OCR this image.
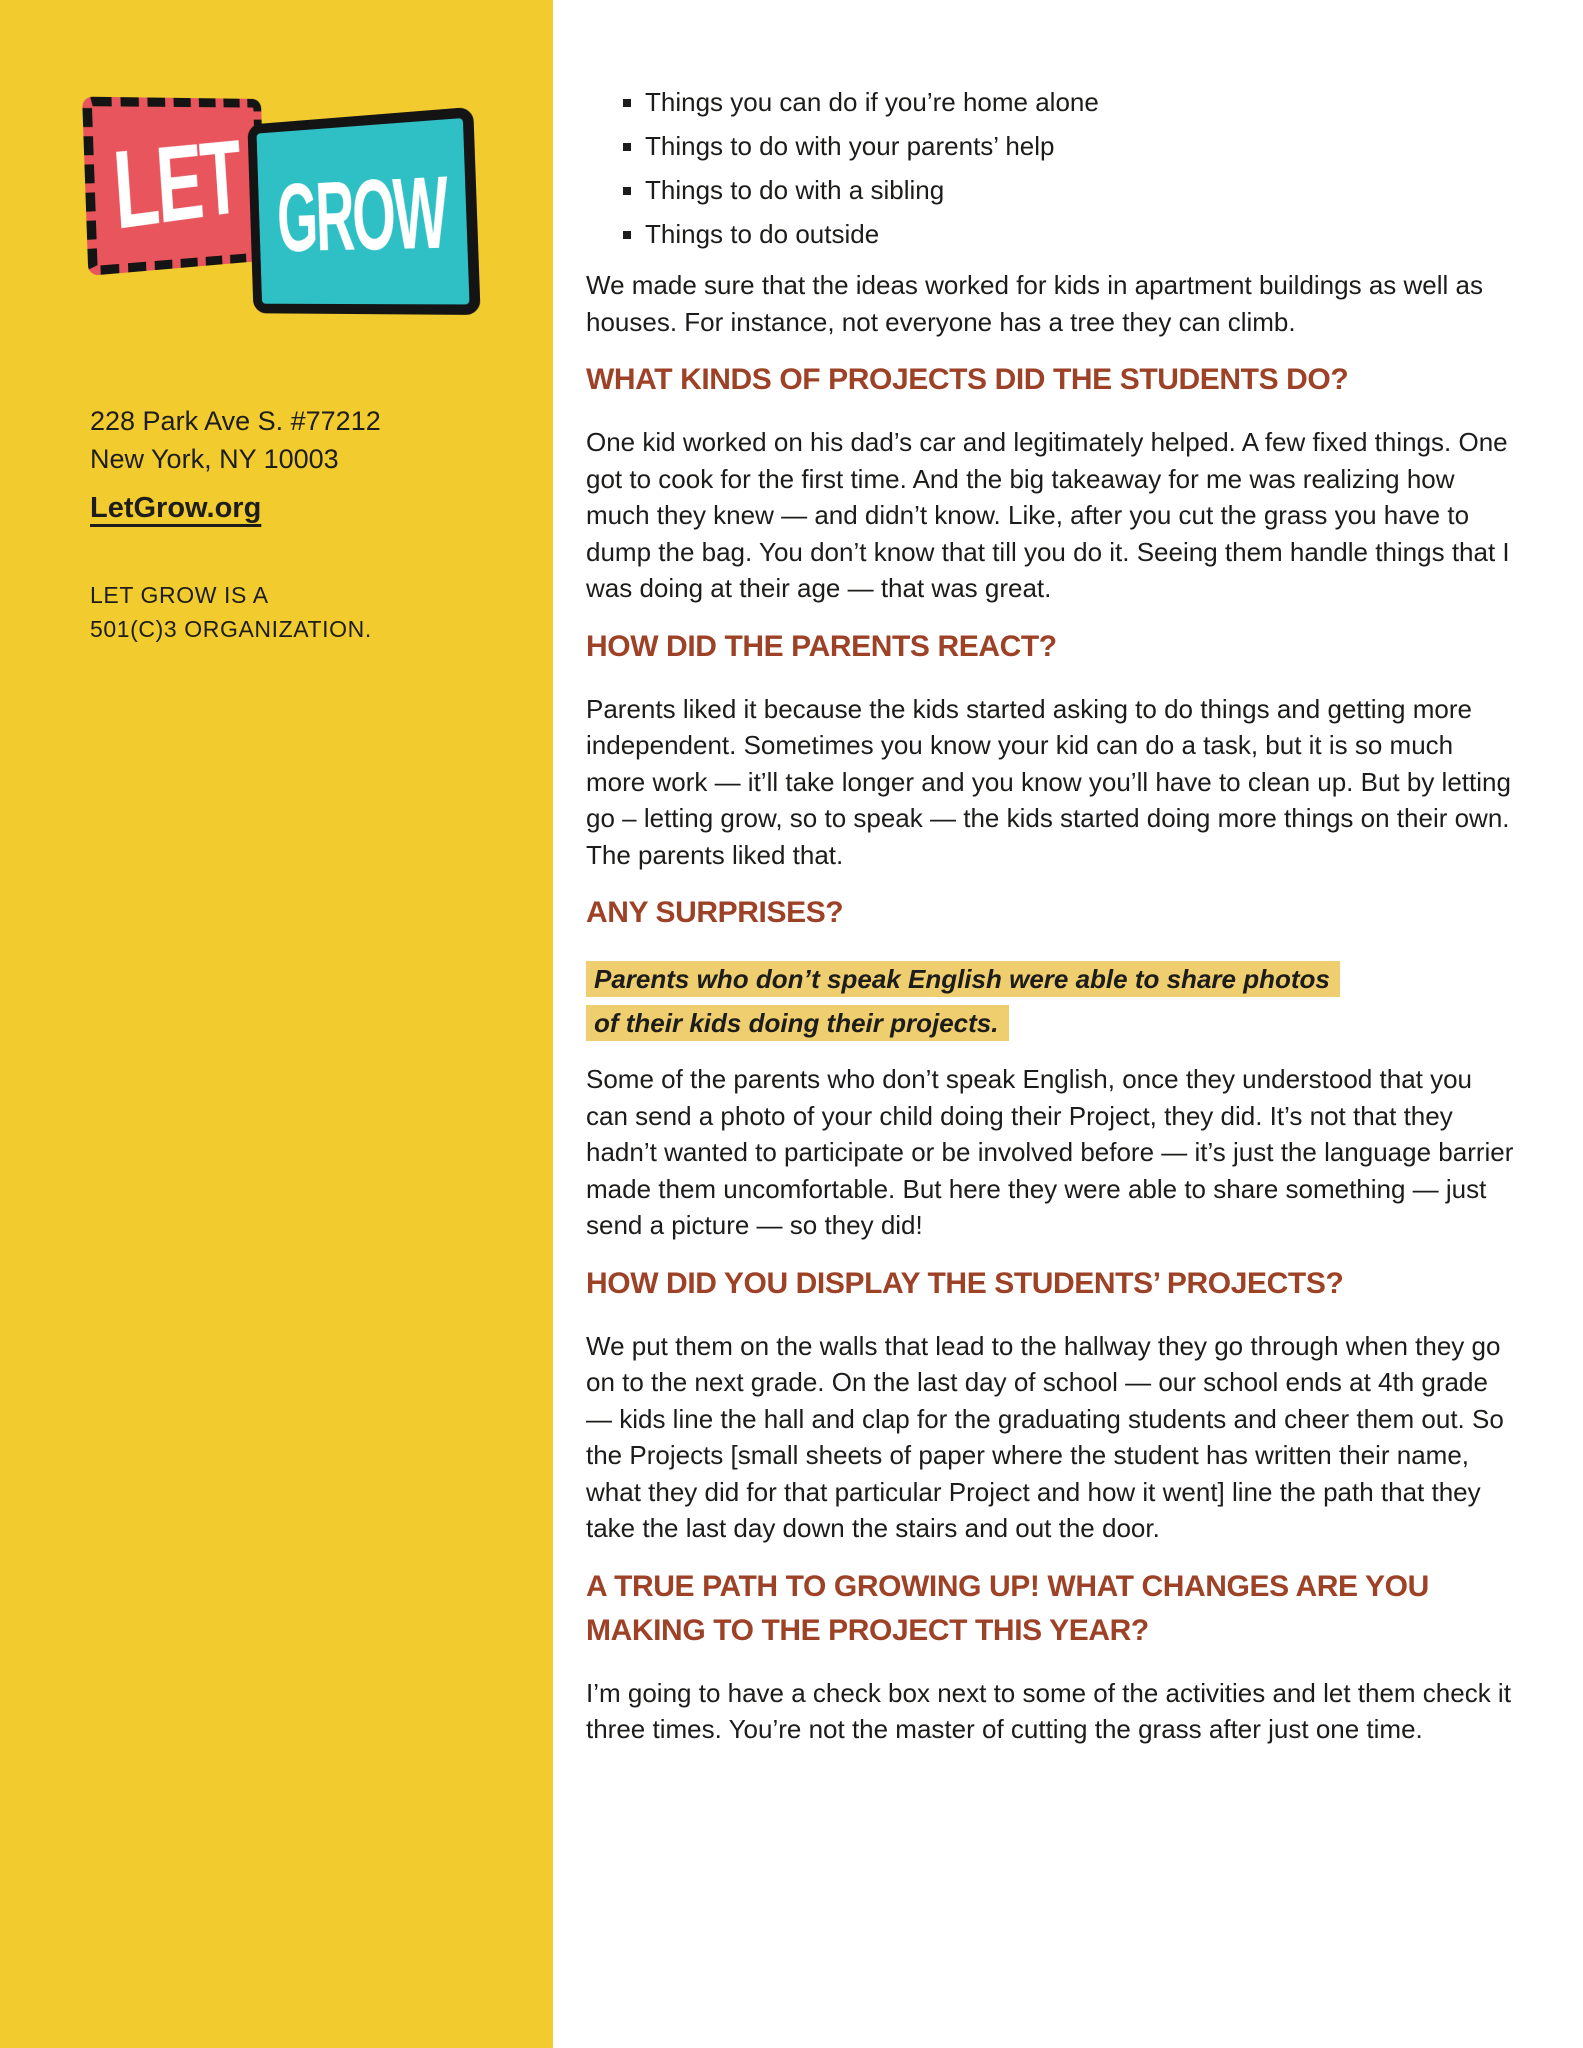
LET GROW
228 Park Ave S. #77212
New York, NY 10003
LetGrow.org
LET GROW IS A
501(C)3 ORGANIZATION.
Things you can do if you’re home alone
Things to do with your parents’ help
Things to do with a sibling
Things to do outside

We made sure that the ideas worked for kids in apartment buildings as well as houses. For instance, not everyone has a tree they can climb.

WHAT KINDS OF PROJECTS DID THE STUDENTS DO?

One kid worked on his dad’s car and legitimately helped. A few fixed things. One got to cook for the first time. And the big takeaway for me was realizing how much they knew — and didn’t know. Like, after you cut the grass you have to dump the bag. You don’t know that till you do it. Seeing them handle things that I was doing at their age — that was great.

HOW DID THE PARENTS REACT?

Parents liked it because the kids started asking to do things and getting more independent. Sometimes you know your kid can do a task, but it is so much more work — it’ll take longer and you know you’ll have to clean up. But by letting go – letting grow, so to speak — the kids started doing more things on their own. The parents liked that.

ANY SURPRISES?
Parents who don’t speak English were able to share photos of their kids doing their projects.

Some of the parents who don’t speak English, once they understood that you can send a photo of your child doing their Project, they did. It’s not that they hadn’t wanted to participate or be involved before — it’s just the language barrier made them uncomfortable. But here they were able to share something — just send a picture — so they did!

HOW DID YOU DISPLAY THE STUDENTS’ PROJECTS?

We put them on the walls that lead to the hallway they go through when they go on to the next grade. On the last day of school — our school ends at 4th grade — kids line the hall and clap for the graduating students and cheer them out. So the Projects [small sheets of paper where the student has written their name, what they did for that particular Project and how it went] line the path that they take the last day down the stairs and out the door.

A TRUE PATH TO GROWING UP! WHAT CHANGES ARE YOU MAKING TO THE PROJECT THIS YEAR?

I’m going to have a check box next to some of the activities and let them check it three times. You’re not the master of cutting the grass after just one time.
